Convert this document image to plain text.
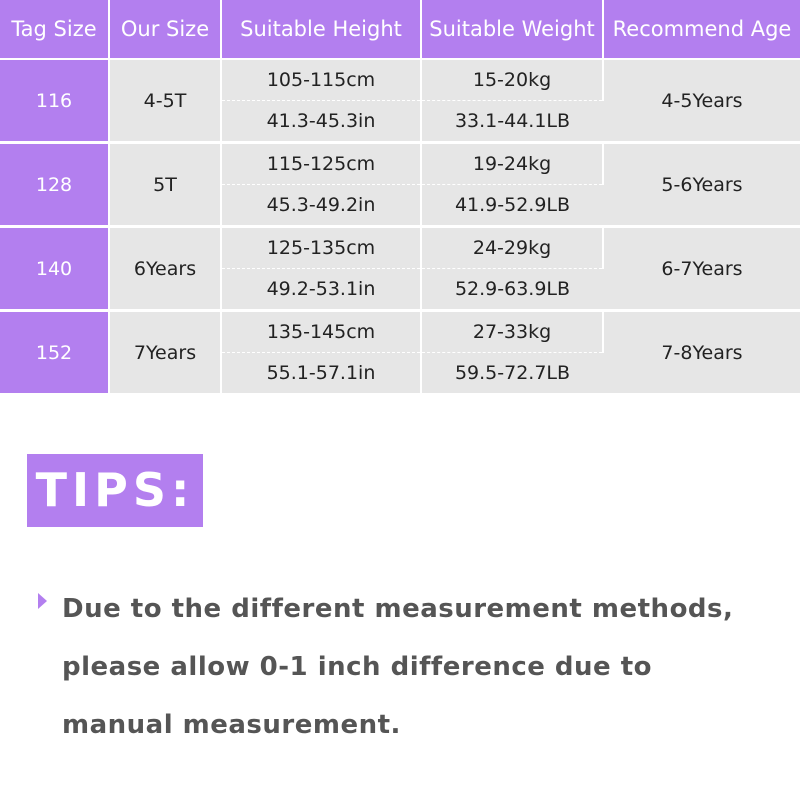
Tag Size	Our Size	Suitable Height	Suitable Weight	Recommend Age
116	4-5T	105-115cm	15-20kg	4-5Years
		41.3-45.3in	33.1-44.1LB	
128	5T	115-125cm	19-24kg	5-6Years
		45.3-49.2in	41.9-52.9LB	
140	6Years	125-135cm	24-29kg	6-7Years
		49.2-53.1in	52.9-63.9LB	
152	7Years	135-145cm	27-33kg	7-8Years
		55.1-57.1in	59.5-72.7LB	
TIPS:
Due to the different measurement methods,
please allow 0-1 inch difference due to
manual measurement.
